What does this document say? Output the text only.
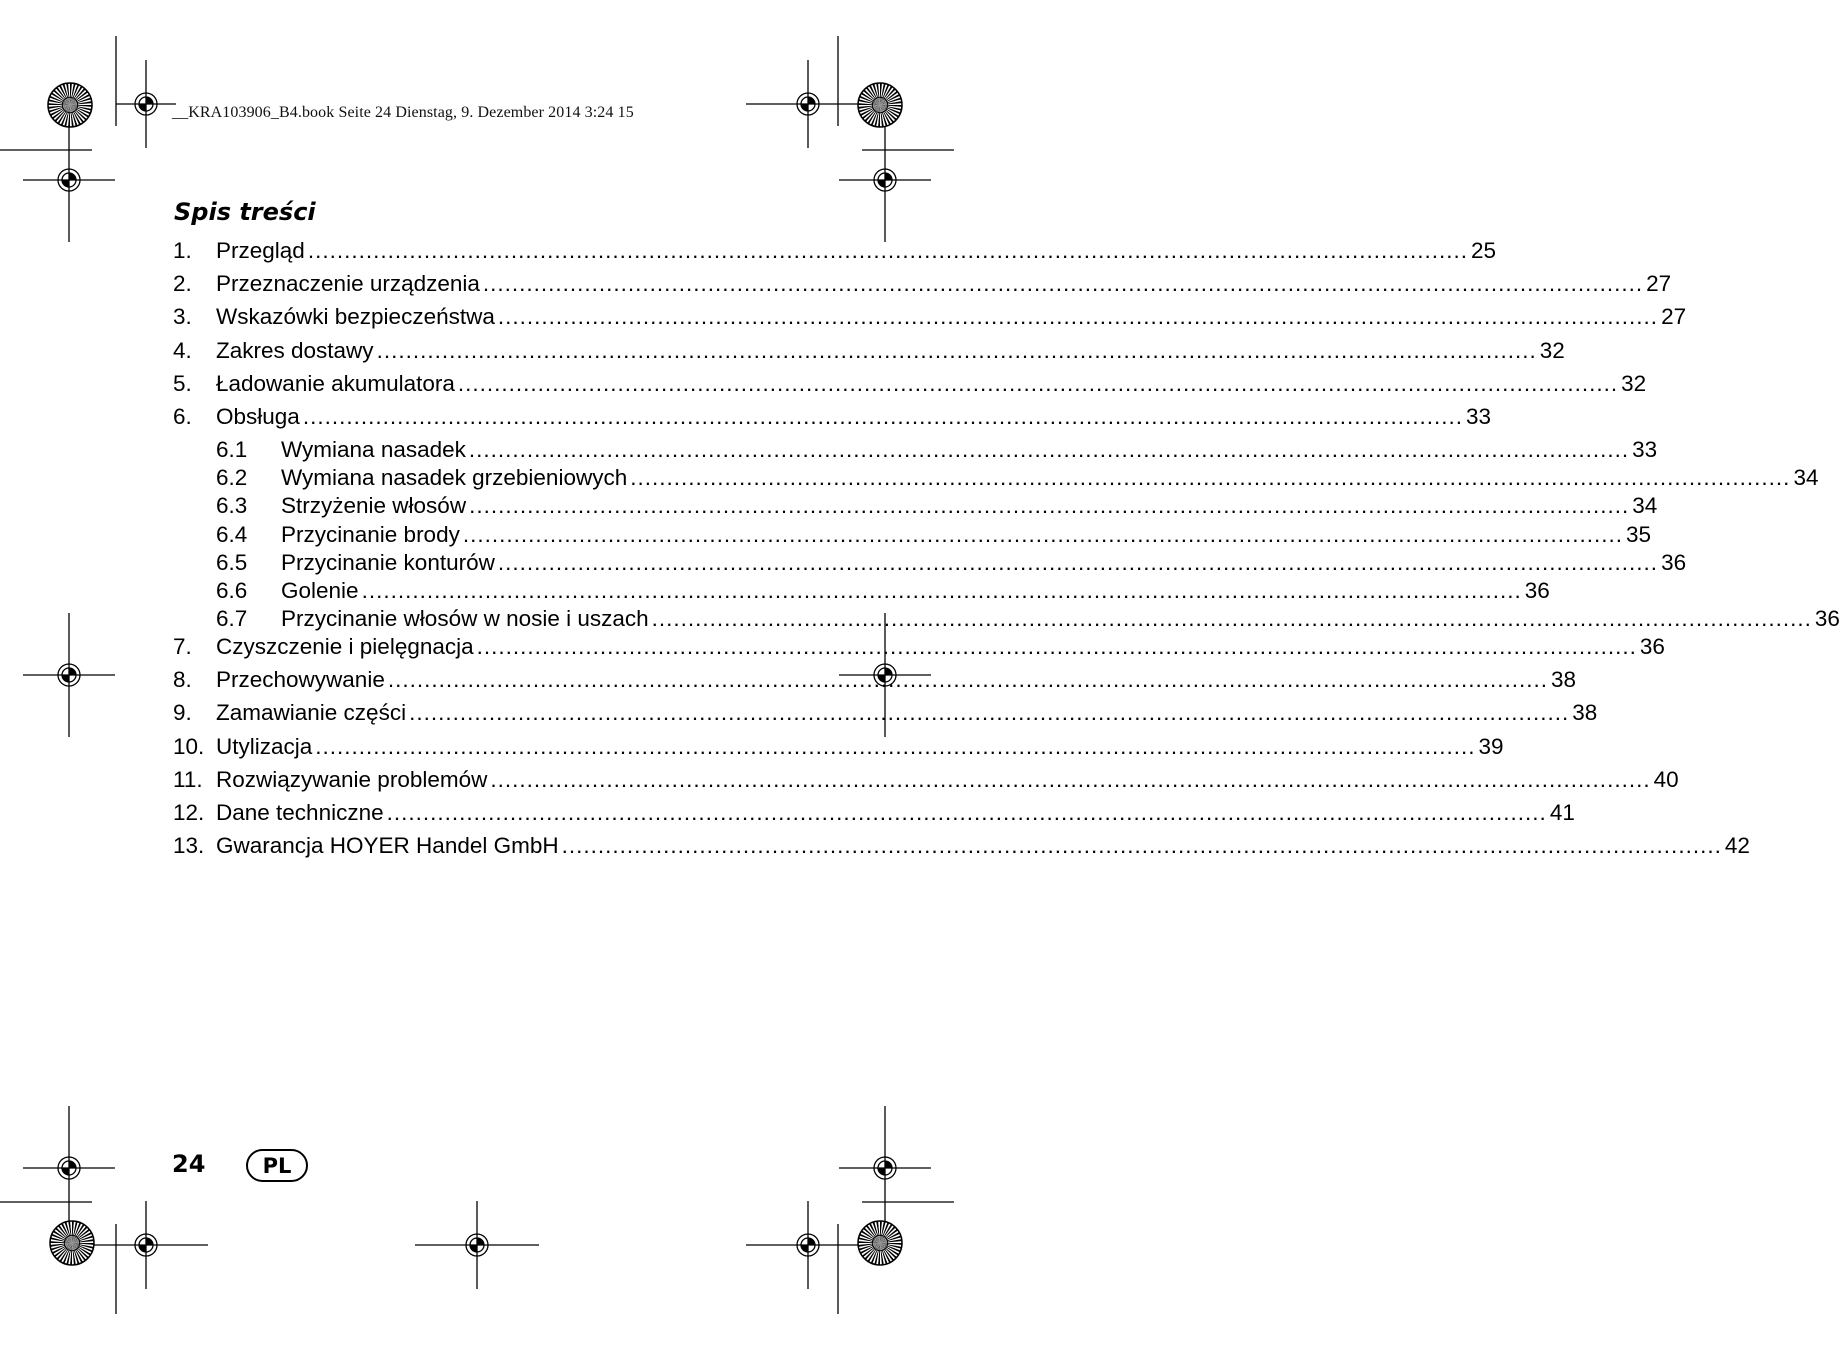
__KRA103906_B4.book Seite 24 Dienstag, 9. Dezember 2014 3:24 15
Spis treści
1.	Przegląd ................................................................................................................................................................ 25
2.	Przeznaczenie urządzenia ................................................................................................................................................................ 27
3.	Wskazówki bezpieczeństwa ................................................................................................................................................................ 27
4.	Zakres dostawy ................................................................................................................................................................ 32
5.	Ładowanie akumulatora ................................................................................................................................................................ 32
6.	Obsługa ................................................................................................................................................................ 33
6.1	Wymiana nasadek ................................................................................................................................................................ 33
6.2	Wymiana nasadek grzebieniowych ................................................................................................................................................................ 34
6.3	Strzyżenie włosów ................................................................................................................................................................ 34
6.4	Przycinanie brody ................................................................................................................................................................ 35
6.5	Przycinanie konturów ................................................................................................................................................................ 36
6.6	Golenie ................................................................................................................................................................ 36
6.7	Przycinanie włosów w nosie i uszach ................................................................................................................................................................ 36
7.	Czyszczenie i pielęgnacja ................................................................................................................................................................ 36
8.	Przechowywanie ................................................................................................................................................................ 38
9.	Zamawianie części ................................................................................................................................................................ 38
10. Utylizacja ................................................................................................................................................................ 39
11. Rozwiązywanie problemów ................................................................................................................................................................ 40
12. Dane techniczne ................................................................................................................................................................ 41
13. Gwarancja HOYER Handel GmbH ................................................................................................................................................................ 42
24	PL
